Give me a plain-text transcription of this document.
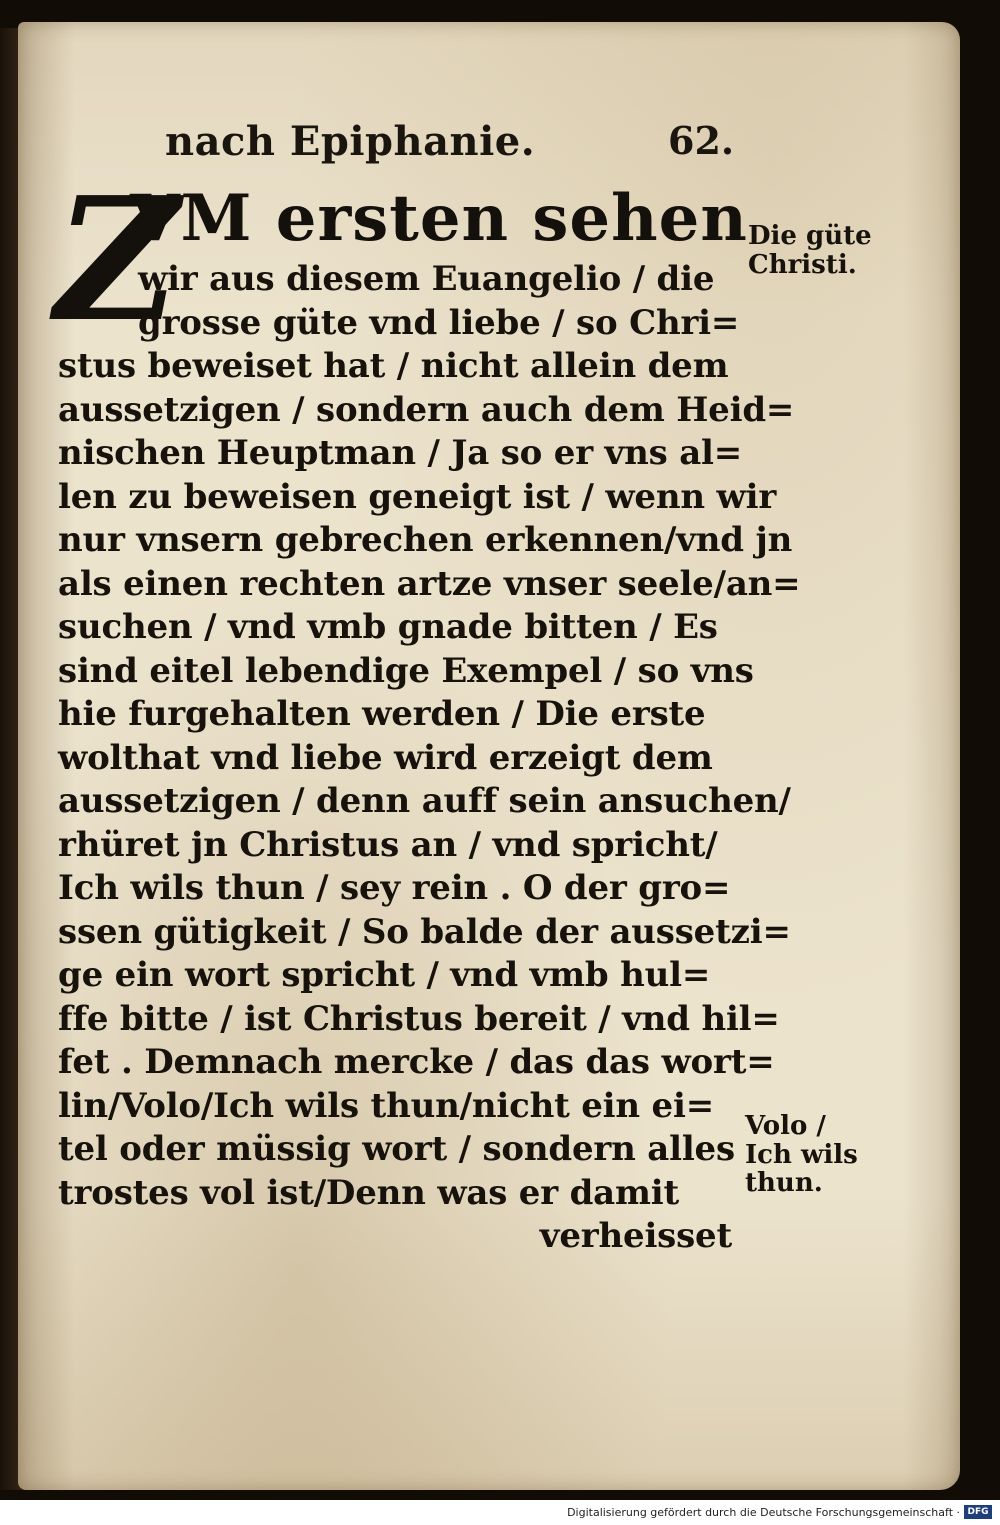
nach Epiphanie.	62.
Z
VM ersten sehen
wir aus diesem Euangelio / die
grosse güte vnd liebe / so Chri=
stus beweiset hat / nicht allein dem
aussetzigen / sondern auch dem Heid=
nischen Heuptman / Ja so er vns al=
len zu beweisen geneigt ist / wenn wir
nur vnsern gebrechen erkennen/vnd jn
als einen rechten artze vnser seele/an=
suchen / vnd vmb gnade bitten / Es
sind eitel lebendige Exempel / so vns
hie furgehalten werden / Die erste
wolthat vnd liebe wird erzeigt dem
aussetzigen / denn auff sein ansuchen/
rhüret jn Christus an / vnd spricht/
Ich wils thun / sey rein . O der gro=
ssen gütigkeit / So balde der aussetzi=
ge ein wort spricht / vnd vmb hul=
ffe bitte / ist Christus bereit / vnd hil=
fet . Demnach mercke / das das wort=
lin/Volo/Ich wils thun/nicht ein ei=
tel oder müssig wort / sondern alles
trostes vol ist/Denn was er damit
verheisset
Die güte
Christi.
Volo /
Ich wils
thun.
Digitalisierung gefördert durch die Deutsche Forschungsgemeinschaft · DFG
